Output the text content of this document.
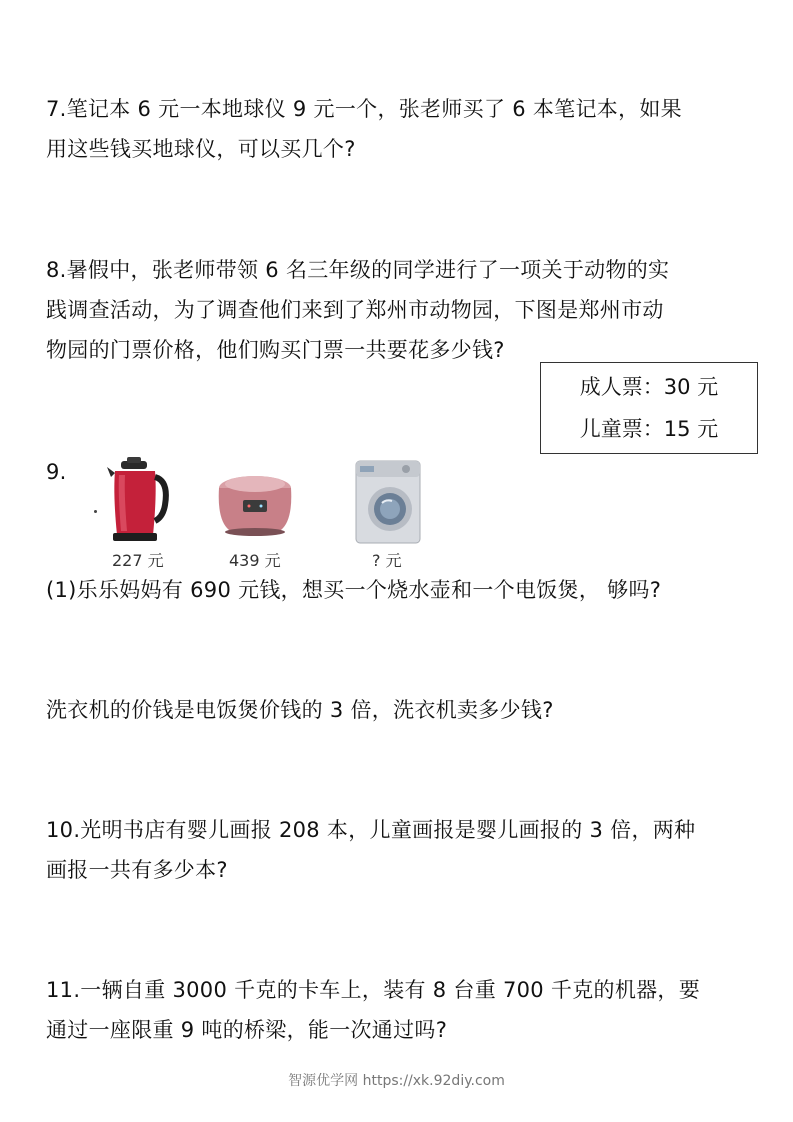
7.笔记本 6 元一本地球仪 9 元一个，张老师买了 6 本笔记本，如果
用这些钱买地球仪，可以买几个?
8.暑假中，张老师带领 6 名三年级的同学进行了一项关于动物的实
践调查活动，为了调查他们来到了郑州市动物园，下图是郑州市动
物园的门票价格，他们购买门票一共要花多少钱?
成人票：30 元
儿童票：15 元
9.
227 元	439 元	? 元
(1)乐乐妈妈有 690 元钱，想买一个烧水壶和一个电饭煲， 够吗?
洗衣机的价钱是电饭煲价钱的 3 倍，洗衣机卖多少钱?
10.光明书店有婴儿画报 208 本，儿童画报是婴儿画报的 3 倍，两种
画报一共有多少本?
11.一辆自重 3000 千克的卡车上，装有 8 台重 700 千克的机器，要
通过一座限重 9 吨的桥梁，能一次通过吗?
智源优学网 https://xk.92diy.com
